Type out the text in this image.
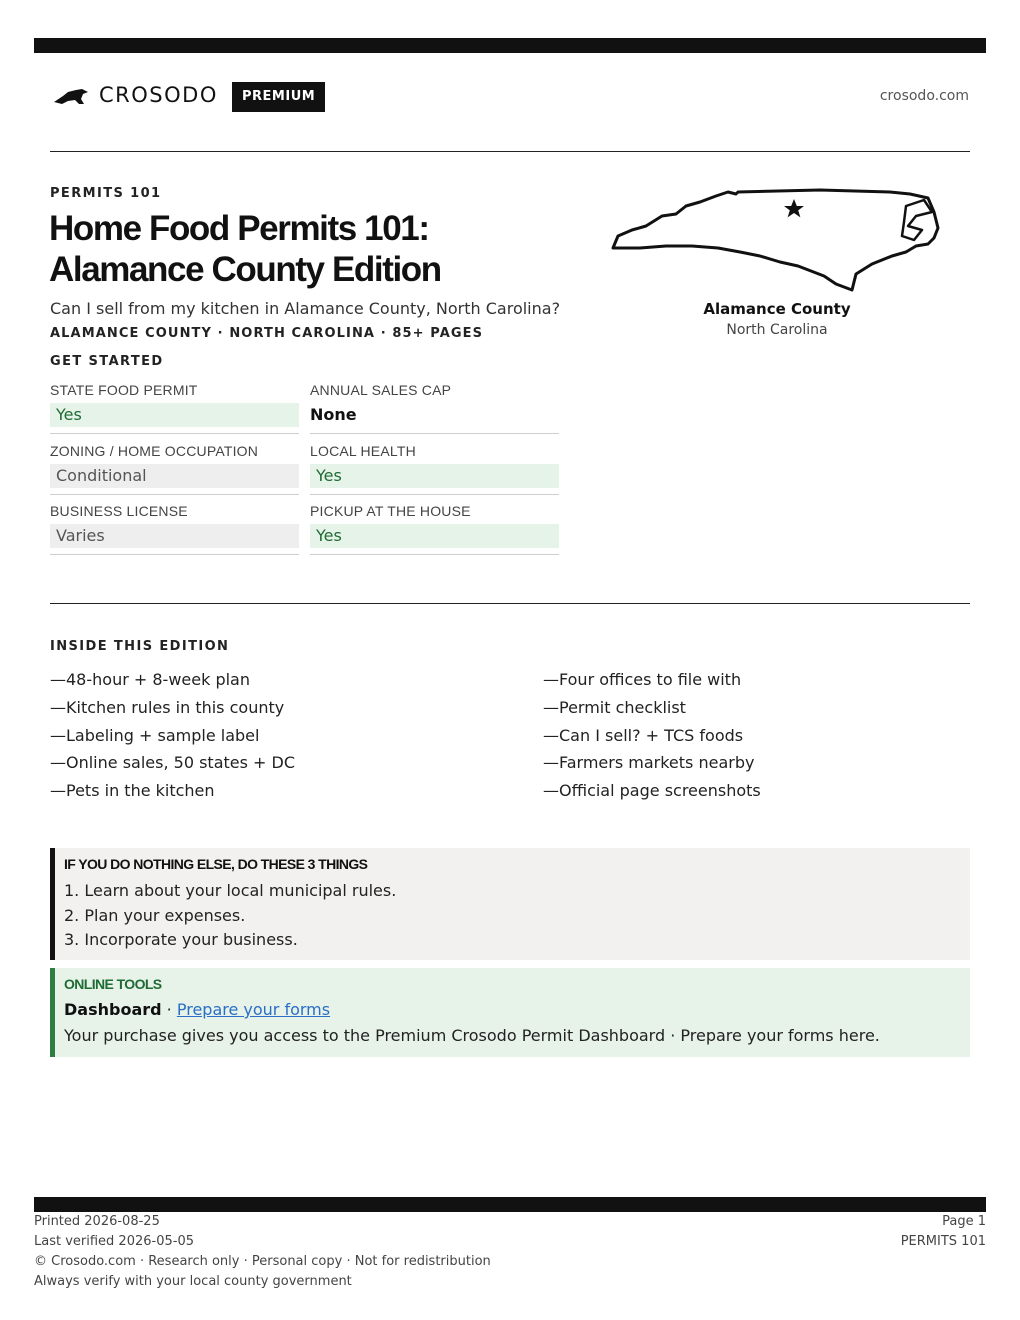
CROSODO	PREMIUM	crosodo.com
PERMITS 101
Home Food Permits 101:
Alamance County Edition
Can I sell from my kitchen in Alamance County, North Carolina?
ALAMANCE COUNTY · NORTH CAROLINA · 85+ PAGES
GET STARTED
STATE FOOD PERMIT
Yes
ANNUAL SALES CAP
None
ZONING / HOME OCCUPATION
Conditional
LOCAL HEALTH
Yes
BUSINESS LICENSE
Varies
PICKUP AT THE HOUSE
Yes
Alamance County
North Carolina
INSIDE THIS EDITION
—48-hour + 8-week plan
—Kitchen rules in this county
—Labeling + sample label
—Online sales, 50 states + DC
—Pets in the kitchen
—Four offices to file with
—Permit checklist
—Can I sell? + TCS foods
—Farmers markets nearby
—Official page screenshots
IF YOU DO NOTHING ELSE, DO THESE 3 THINGS
1. Learn about your local municipal rules.
2. Plan your expenses.
3. Incorporate your business.
ONLINE TOOLS
Dashboard · Prepare your forms
Your purchase gives you access to the Premium Crosodo Permit Dashboard · Prepare your forms here.
Printed 2026-08-25
Last verified 2026-05-05
© Crosodo.com · Research only · Personal copy · Not for redistribution
Always verify with your local county government
Page 1
PERMITS 101
